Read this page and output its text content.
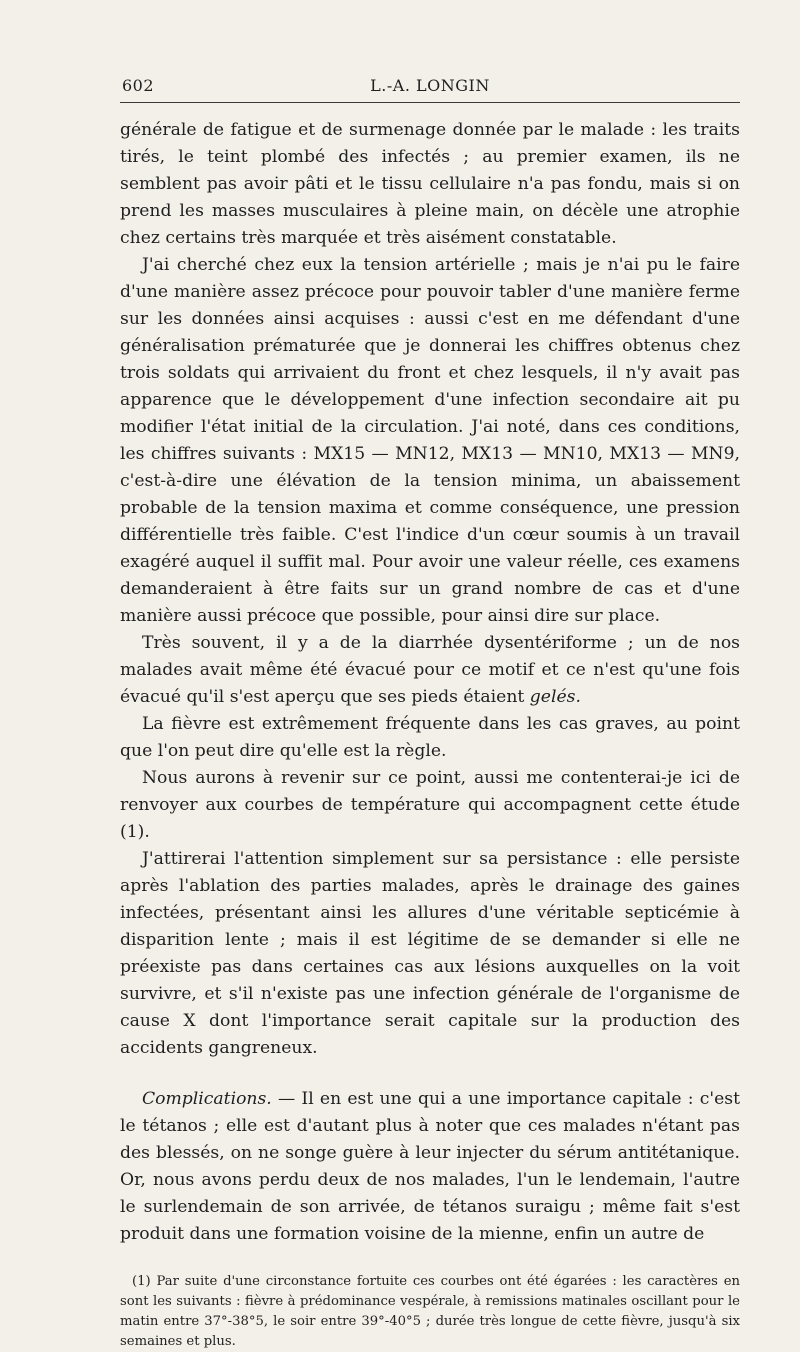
602	L.-A. LONGIN

générale de fatigue et de surmenage donnée par le malade : les traits tirés, le teint plombé des infectés ; au premier examen, ils ne semblent pas avoir pâti et le tissu cellulaire n'a pas fondu, mais si on prend les masses musculaires à pleine main, on décèle une atrophie chez certains très marquée et très aisément constatable.

J'ai cherché chez eux la tension artérielle ; mais je n'ai pu le faire d'une manière assez précoce pour pouvoir tabler d'une manière ferme sur les données ainsi acquises : aussi c'est en me défendant d'une généralisation prématurée que je donnerai les chiffres obtenus chez trois soldats qui arrivaient du front et chez lesquels, il n'y avait pas apparence que le développement d'une infection secondaire ait pu modifier l'état initial de la circulation. J'ai noté, dans ces conditions, les chiffres suivants : MX15 — MN12, MX13 — MN10, MX13 — MN9, c'est-à-dire une élévation de la tension minima, un abaissement probable de la tension maxima et comme conséquence, une pression différentielle très faible. C'est l'indice d'un cœur soumis à un travail exagéré auquel il suffit mal. Pour avoir une valeur réelle, ces examens demanderaient à être faits sur un grand nombre de cas et d'une manière aussi précoce que possible, pour ainsi dire sur place.

Très souvent, il y a de la diarrhée dysentériforme ; un de nos malades avait même été évacué pour ce motif et ce n'est qu'une fois évacué qu'il s'est aperçu que ses pieds étaient gelés.

La fièvre est extrêmement fréquente dans les cas graves, au point que l'on peut dire qu'elle est la règle.

Nous aurons à revenir sur ce point, aussi me contenterai-je ici de renvoyer aux courbes de température qui accompagnent cette étude (1).

J'attirerai l'attention simplement sur sa persistance : elle persiste après l'ablation des parties malades, après le drainage des gaines infectées, présentant ainsi les allures d'une véritable septicémie à disparition lente ; mais il est légitime de se demander si elle ne préexiste pas dans certaines cas aux lésions auxquelles on la voit survivre, et s'il n'existe pas une infection générale de l'organisme de cause X dont l'importance serait capitale sur la production des accidents gangreneux.

Complications. — Il en est une qui a une importance capitale : c'est le tétanos ; elle est d'autant plus à noter que ces malades n'étant pas des blessés, on ne songe guère à leur injecter du sérum antitétanique. Or, nous avons perdu deux de nos malades, l'un le lendemain, l'autre le surlendemain de son arrivée, de tétanos suraigu ; même fait s'est produit dans une formation voisine de la mienne, enfin un autre de

(1) Par suite d'une circonstance fortuite ces courbes ont été égarées : les caractères en sont les suivants : fièvre à prédominance vespérale, à remissions matinales oscillant pour le matin entre 37°-38°5, le soir entre 39°-40°5 ; durée très longue de cette fièvre, jusqu'à six semaines et plus.
